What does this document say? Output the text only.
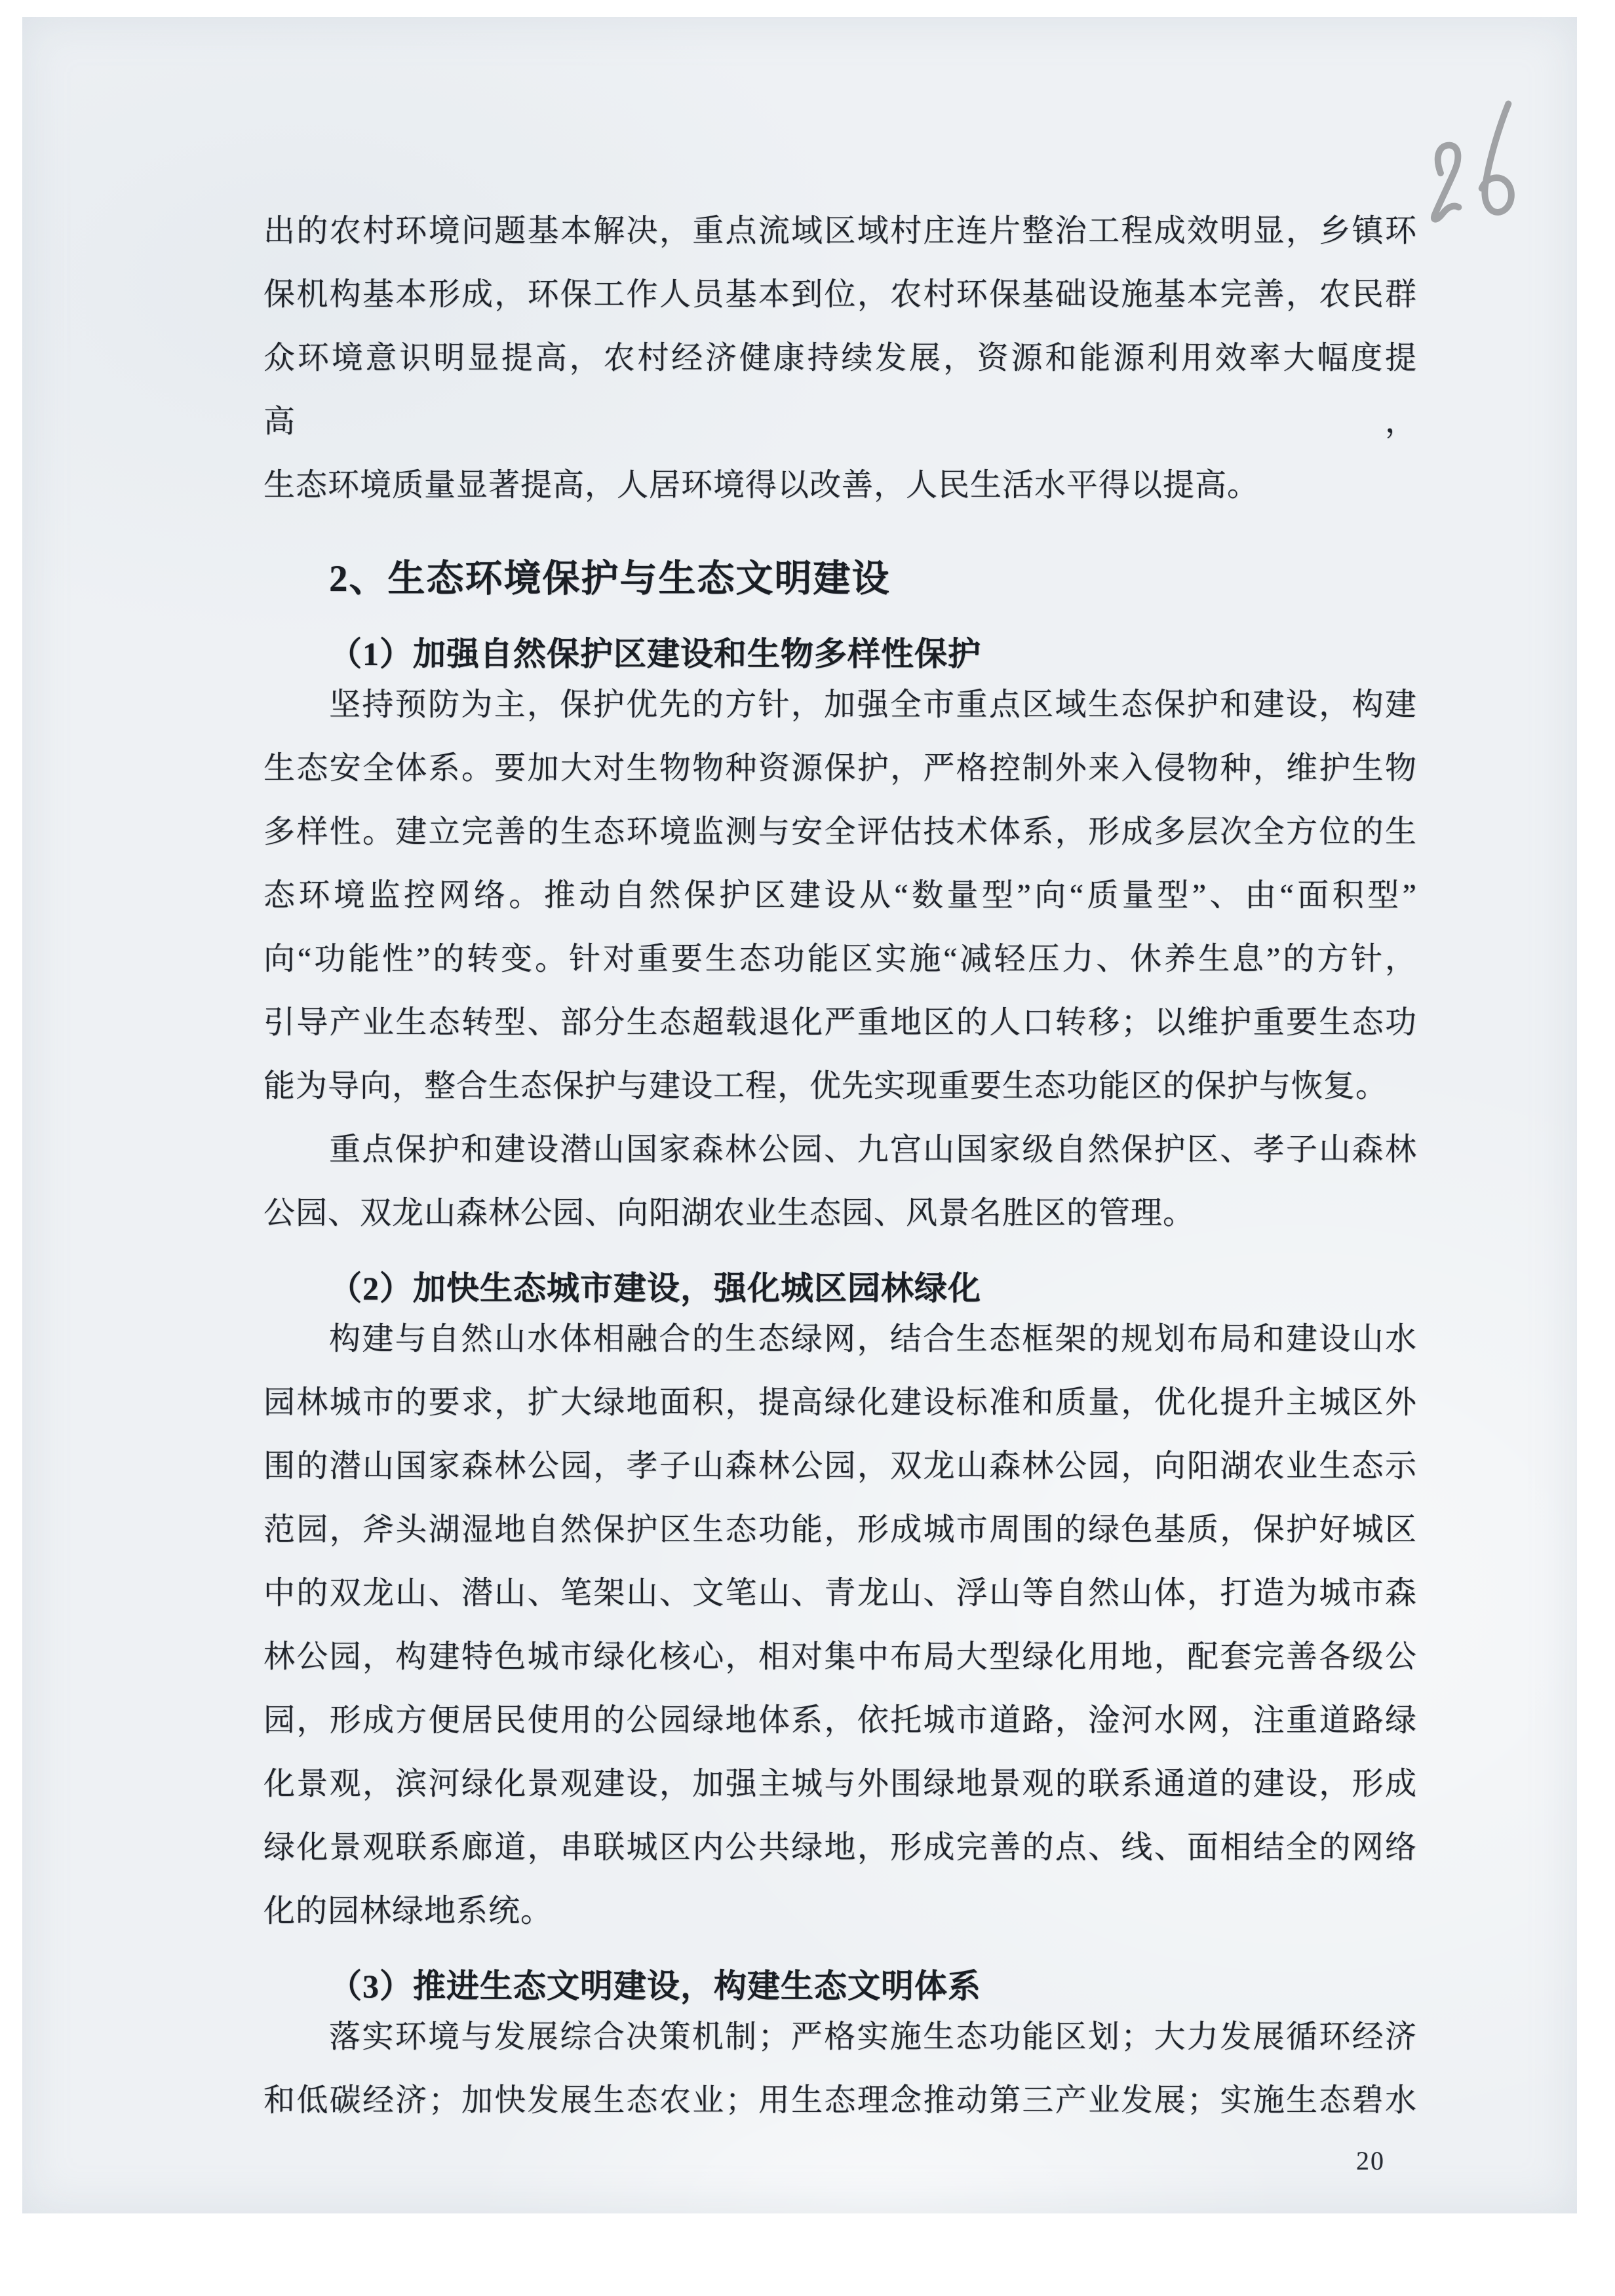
出的农村环境问题基本解决，重点流域区域村庄连片整治工程成效明显，乡镇环
保机构基本形成，环保工作人员基本到位，农村环保基础设施基本完善，农民群
众环境意识明显提高，农村经济健康持续发展，资源和能源利用效率大幅度提高，
生态环境质量显著提高，人居环境得以改善，人民生活水平得以提高。
2、生态环境保护与生态文明建设
（1）加强自然保护区建设和生物多样性保护
坚持预防为主，保护优先的方针，加强全市重点区域生态保护和建设，构建
生态安全体系。要加大对生物物种资源保护，严格控制外来入侵物种，维护生物
多样性。建立完善的生态环境监测与安全评估技术体系，形成多层次全方位的生
态环境监控网络。推动自然保护区建设从“数量型”向“质量型”、由“面积型”
向“功能性”的转变。针对重要生态功能区实施“减轻压力、休养生息”的方针，
引导产业生态转型、部分生态超载退化严重地区的人口转移；以维护重要生态功
能为导向，整合生态保护与建设工程，优先实现重要生态功能区的保护与恢复。
重点保护和建设潜山国家森林公园、九宫山国家级自然保护区、孝子山森林
公园、双龙山森林公园、向阳湖农业生态园、风景名胜区的管理。
（2）加快生态城市建设，强化城区园林绿化
构建与自然山水体相融合的生态绿网，结合生态框架的规划布局和建设山水
园林城市的要求，扩大绿地面积，提高绿化建设标准和质量，优化提升主城区外
围的潜山国家森林公园，孝子山森林公园，双龙山森林公园，向阳湖农业生态示
范园，斧头湖湿地自然保护区生态功能，形成城市周围的绿色基质，保护好城区
中的双龙山、潜山、笔架山、文笔山、青龙山、浮山等自然山体，打造为城市森
林公园，构建特色城市绿化核心，相对集中布局大型绿化用地，配套完善各级公
园，形成方便居民使用的公园绿地体系，依托城市道路，淦河水网，注重道路绿
化景观，滨河绿化景观建设，加强主城与外围绿地景观的联系通道的建设，形成
绿化景观联系廊道，串联城区内公共绿地，形成完善的点、线、面相结全的网络
化的园林绿地系统。
（3）推进生态文明建设，构建生态文明体系
落实环境与发展综合决策机制；严格实施生态功能区划；大力发展循环经济
和低碳经济；加快发展生态农业；用生态理念推动第三产业发展；实施生态碧水
20
